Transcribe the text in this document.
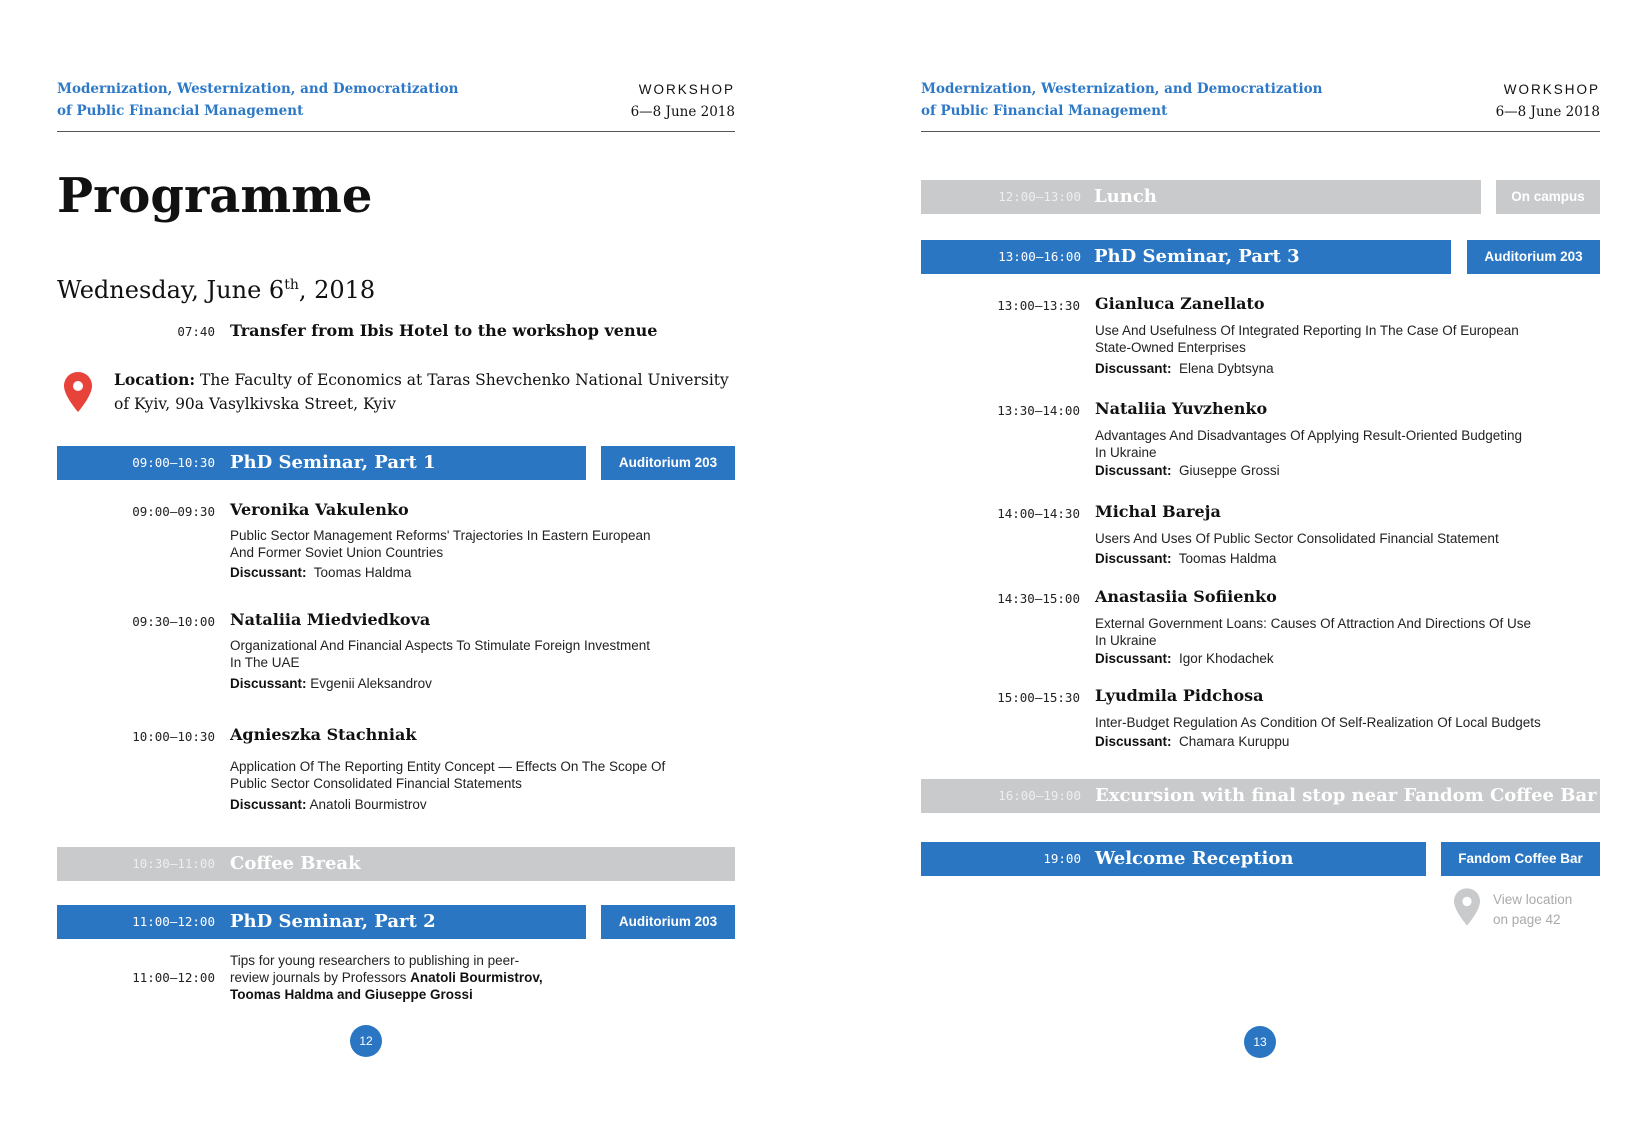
Modernization, Westernization, and Democratization
of Public Financial Management
WORKSHOP
6—8 June 2018
Programme
Wednesday, June 6th, 2018
07:40 Transfer from Ibis Hotel to the workshop venue
Location: The Faculty of Economics at Taras Shevchenko National University
of Kyiv, 90a Vasylkivska Street, Kyiv
09:00–10:30 PhD Seminar, Part 1	Auditorium 203
09:00–09:30 Veronika Vakulenko
Public Sector Management Reforms' Trajectories In Eastern European
And Former Soviet Union Countries
Discussant: Toomas Haldma
09:30–10:00 Nataliia Miedviedkova
Organizational And Financial Aspects To Stimulate Foreign Investment
In The UAE
Discussant: Evgenii Aleksandrov
10:00–10:30 Agnieszka Stachniak
Application Of The Reporting Entity Concept — Effects On The Scope Of
Public Sector Consolidated Financial Statements
Discussant: Anatoli Bourmistrov
10:30–11:00 Coffee Break
11:00–12:00 PhD Seminar, Part 2	Auditorium 203
11:00–12:00
Tips for young researchers to publishing in peer-
review journals by Professors Anatoli Bourmistrov,
Toomas Haldma and Giuseppe Grossi
12
Modernization, Westernization, and Democratization
of Public Financial Management
WORKSHOP
6—8 June 2018
12:00–13:00 Lunch	On campus
13:00–16:00 PhD Seminar, Part 3	Auditorium 203
13:00–13:30 Gianluca Zanellato
Use And Usefulness Of Integrated Reporting In The Case Of European
State-Owned Enterprises
Discussant: Elena Dybtsyna
13:30–14:00 Nataliia Yuvzhenko
Advantages And Disadvantages Of Applying Result-Oriented Budgeting
In Ukraine
Discussant: Giuseppe Grossi
14:00–14:30 Michal Bareja
Users And Uses Of Public Sector Consolidated Financial Statement
Discussant: Toomas Haldma
14:30–15:00 Anastasiia Sofiienko
External Government Loans: Causes Of Attraction And Directions Of Use
In Ukraine
Discussant: Igor Khodachek
15:00–15:30 Lyudmila Pidchosa
Inter-Budget Regulation As Condition Of Self-Realization Of Local Budgets
Discussant: Chamara Kuruppu
16:00–19:00 Excursion with final stop near Fandom Coffee Bar
19:00 Welcome Reception	Fandom Coffee Bar
View location
on page 42
13
